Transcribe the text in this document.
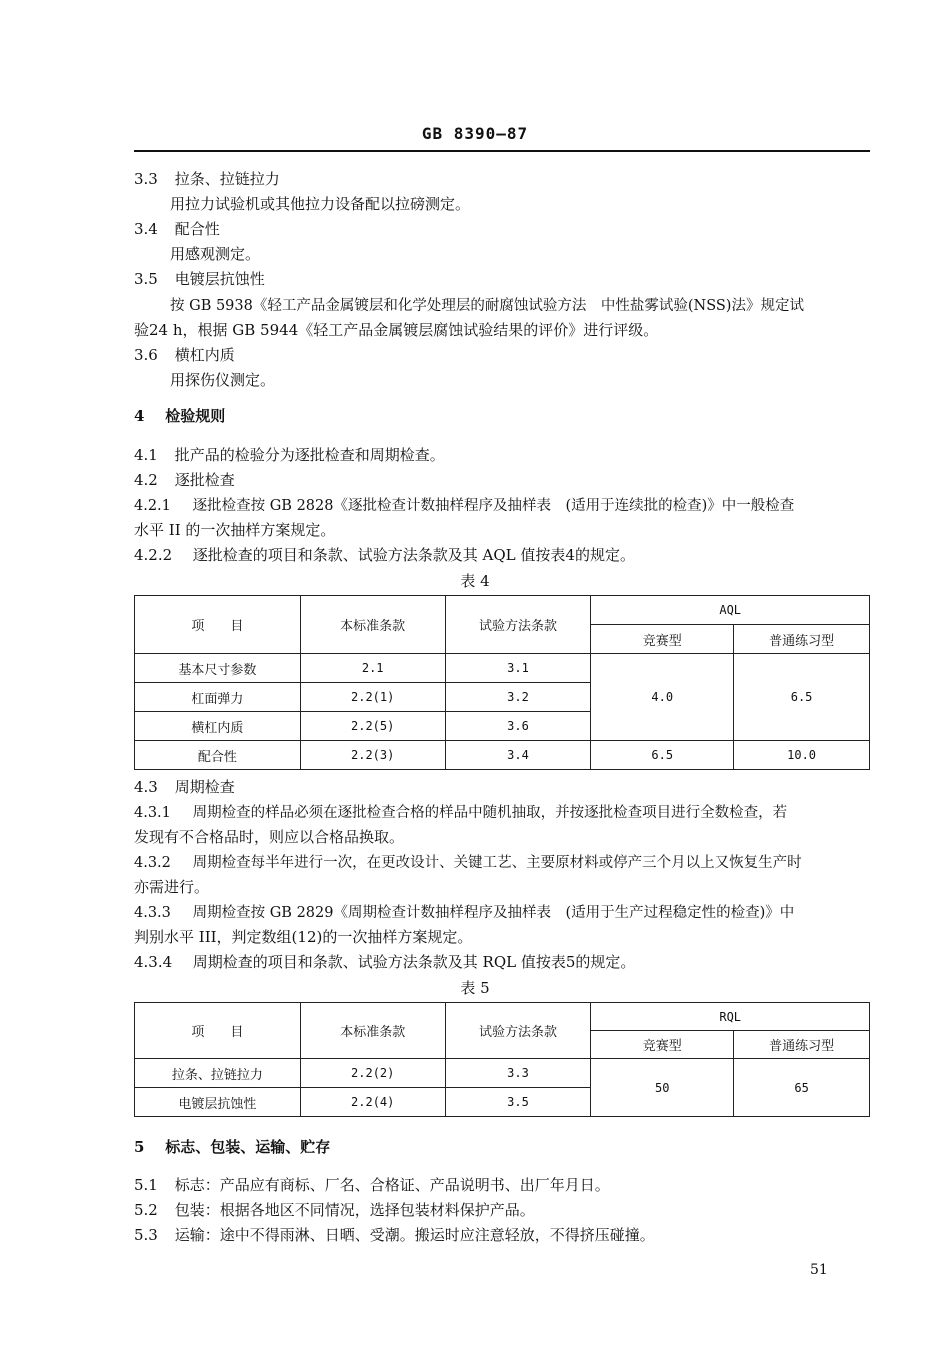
GB 8390—87
3.3 拉条、拉链拉力
用拉力试验机或其他拉力设备配以拉磅测定。
3.4 配合性
用感观测定。
3.5 电镀层抗蚀性
按 GB 5938《轻工产品金属镀层和化学处理层的耐腐蚀试验方法　中性盐雾试验(NSS)法》规定试
验24 h，根据 GB 5944《轻工产品金属镀层腐蚀试验结果的评价》进行评级。
3.6 横杠内质
用探伤仪测定。
4 检验规则
4.1 批产品的检验分为逐批检查和周期检查。
4.2 逐批检查
4.2.1 逐批检查按 GB 2828《逐批检查计数抽样程序及抽样表　(适用于连续批的检查)》中一般检查
水平 II 的一次抽样方案规定。
4.2.2 逐批检查的项目和条款、试验方法条款及其 AQL 值按表4的规定。
表 4
项　　目	本标准条款	试验方法条款	AQL	
			竞赛型	普通练习型
基本尺寸参数	2.1	3.1	4.0	6.5
杠面弹力	2.2(1)	3.2		
横杠内质	2.2(5)	3.6		
配合性	2.2(3)	3.4	6.5	10.0
4.3 周期检查
4.3.1 周期检查的样品必须在逐批检查合格的样品中随机抽取，并按逐批检查项目进行全数检查，若
发现有不合格品时，则应以合格品换取。
4.3.2 周期检查每半年进行一次，在更改设计、关键工艺、主要原材料或停产三个月以上又恢复生产时
亦需进行。
4.3.3 周期检查按 GB 2829《周期检查计数抽样程序及抽样表　(适用于生产过程稳定性的检查)》中
判别水平 III，判定数组(12)的一次抽样方案规定。
4.3.4 周期检查的项目和条款、试验方法条款及其 RQL 值按表5的规定。
表 5
项　　目	本标准条款	试验方法条款	RQL	
			竞赛型	普通练习型
拉条、拉链拉力	2.2(2)	3.3	50	65
电镀层抗蚀性	2.2(4)	3.5		
5 标志、包装、运输、贮存
5.1 标志：产品应有商标、厂名、合格证、产品说明书、出厂年月日。
5.2 包装：根据各地区不同情况，选择包装材料保护产品。
5.3 运输：途中不得雨淋、日晒、受潮。搬运时应注意轻放，不得挤压碰撞。
51
